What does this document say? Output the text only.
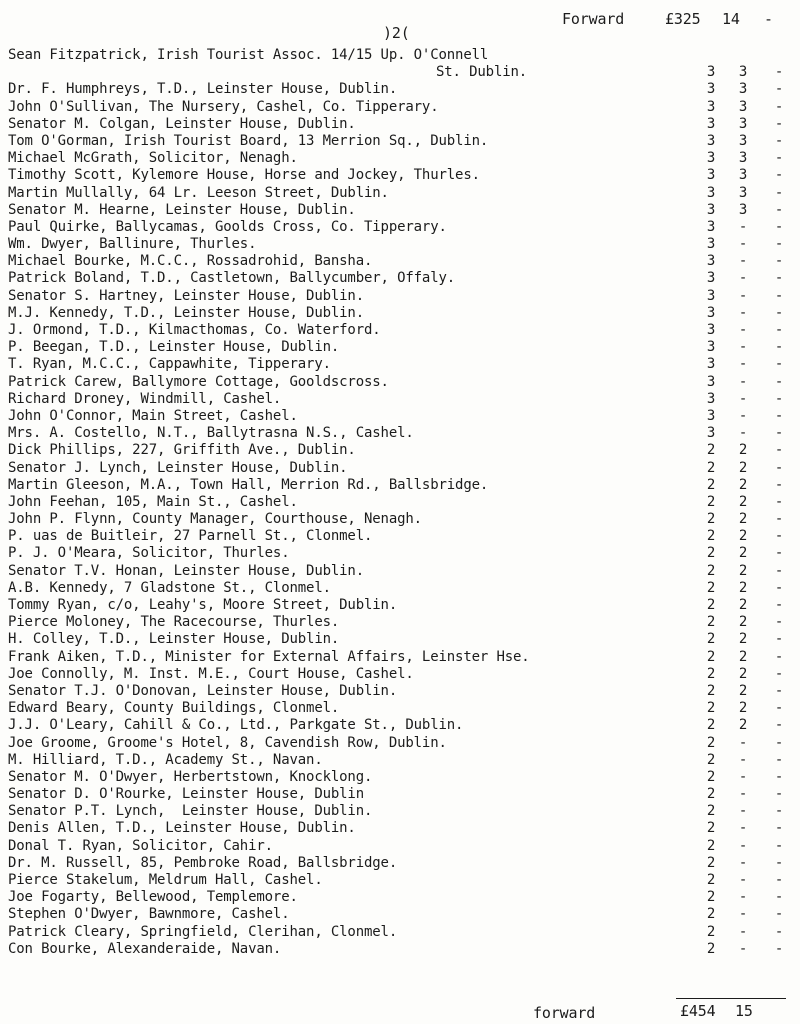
Forward	£325 14 -
)2(
Sean Fitzpatrick, Irish Tourist Assoc. 14/15 Up. O'Connell
St. Dublin.	3 3 -
Dr. F. Humphreys, T.D., Leinster House, Dublin.	3 3 -
John O'Sullivan, The Nursery, Cashel, Co. Tipperary.	3 3 -
Senator M. Colgan, Leinster House, Dublin.	3 3 -
Tom O'Gorman, Irish Tourist Board, 13 Merrion Sq., Dublin.	3 3 -
Michael McGrath, Solicitor, Nenagh.	3 3 -
Timothy Scott, Kylemore House, Horse and Jockey, Thurles.	3 3 -
Martin Mullally, 64 Lr. Leeson Street, Dublin.	3 3 -
Senator M. Hearne, Leinster House, Dublin.	3 3 -
Paul Quirke, Ballycamas, Goolds Cross, Co. Tipperary.	3 - -
Wm. Dwyer, Ballinure, Thurles.	3 - -
Michael Bourke, M.C.C., Rossadrohid, Bansha.	3 - -
Patrick Boland, T.D., Castletown, Ballycumber, Offaly.	3 - -
Senator S. Hartney, Leinster House, Dublin.	3 - -
M.J. Kennedy, T.D., Leinster House, Dublin.	3 - -
J. Ormond, T.D., Kilmacthomas, Co. Waterford.	3 - -
P. Beegan, T.D., Leinster House, Dublin.	3 - -
T. Ryan, M.C.C., Cappawhite, Tipperary.	3 - -
Patrick Carew, Ballymore Cottage, Gooldscross.	3 - -
Richard Droney, Windmill, Cashel.	3 - -
John O'Connor, Main Street, Cashel.	3 - -
Mrs. A. Costello, N.T., Ballytrasna N.S., Cashel.	3 - -
Dick Phillips, 227, Griffith Ave., Dublin.	2 2 -
Senator J. Lynch, Leinster House, Dublin.	2 2 -
Martin Gleeson, M.A., Town Hall, Merrion Rd., Ballsbridge.	2 2 -
John Feehan, 105, Main St., Cashel.	2 2 -
John P. Flynn, County Manager, Courthouse, Nenagh.	2 2 -
P. uas de Buitleir, 27 Parnell St., Clonmel.	2 2 -
P. J. O'Meara, Solicitor, Thurles.	2 2 -
Senator T.V. Honan, Leinster House, Dublin.	2 2 -
A.B. Kennedy, 7 Gladstone St., Clonmel.	2 2 -
Tommy Ryan, c/o, Leahy's, Moore Street, Dublin.	2 2 -
Pierce Moloney, The Racecourse, Thurles.	2 2 -
H. Colley, T.D., Leinster House, Dublin.	2 2 -
Frank Aiken, T.D., Minister for External Affairs, Leinster Hse.	2 2 -
Joe Connolly, M. Inst. M.E., Court House, Cashel.	2 2 -
Senator T.J. O'Donovan, Leinster House, Dublin.	2 2 -
Edward Beary, County Buildings, Clonmel.	2 2 -
J.J. O'Leary, Cahill & Co., Ltd., Parkgate St., Dublin.	2 2 -
Joe Groome, Groome's Hotel, 8, Cavendish Row, Dublin.	2 - -
M. Hilliard, T.D., Academy St., Navan.	2 - -
Senator M. O'Dwyer, Herbertstown, Knocklong.	2 - -
Senator D. O'Rourke, Leinster House, Dublin	2 - -
Senator P.T. Lynch,  Leinster House, Dublin.	2 - -
Denis Allen, T.D., Leinster House, Dublin.	2 - -
Donal T. Ryan, Solicitor, Cahir.	2 - -
Dr. M. Russell, 85, Pembroke Road, Ballsbridge.	2 - -
Pierce Stakelum, Meldrum Hall, Cashel.	2 - -
Joe Fogarty, Bellewood, Templemore.	2 - -
Stephen O'Dwyer, Bawnmore, Cashel.	2 - -
Patrick Cleary, Springfield, Clerihan, Clonmel.	2 - -
Con Bourke, Alexanderaide, Navan.	2 - -
forward	£454 15
